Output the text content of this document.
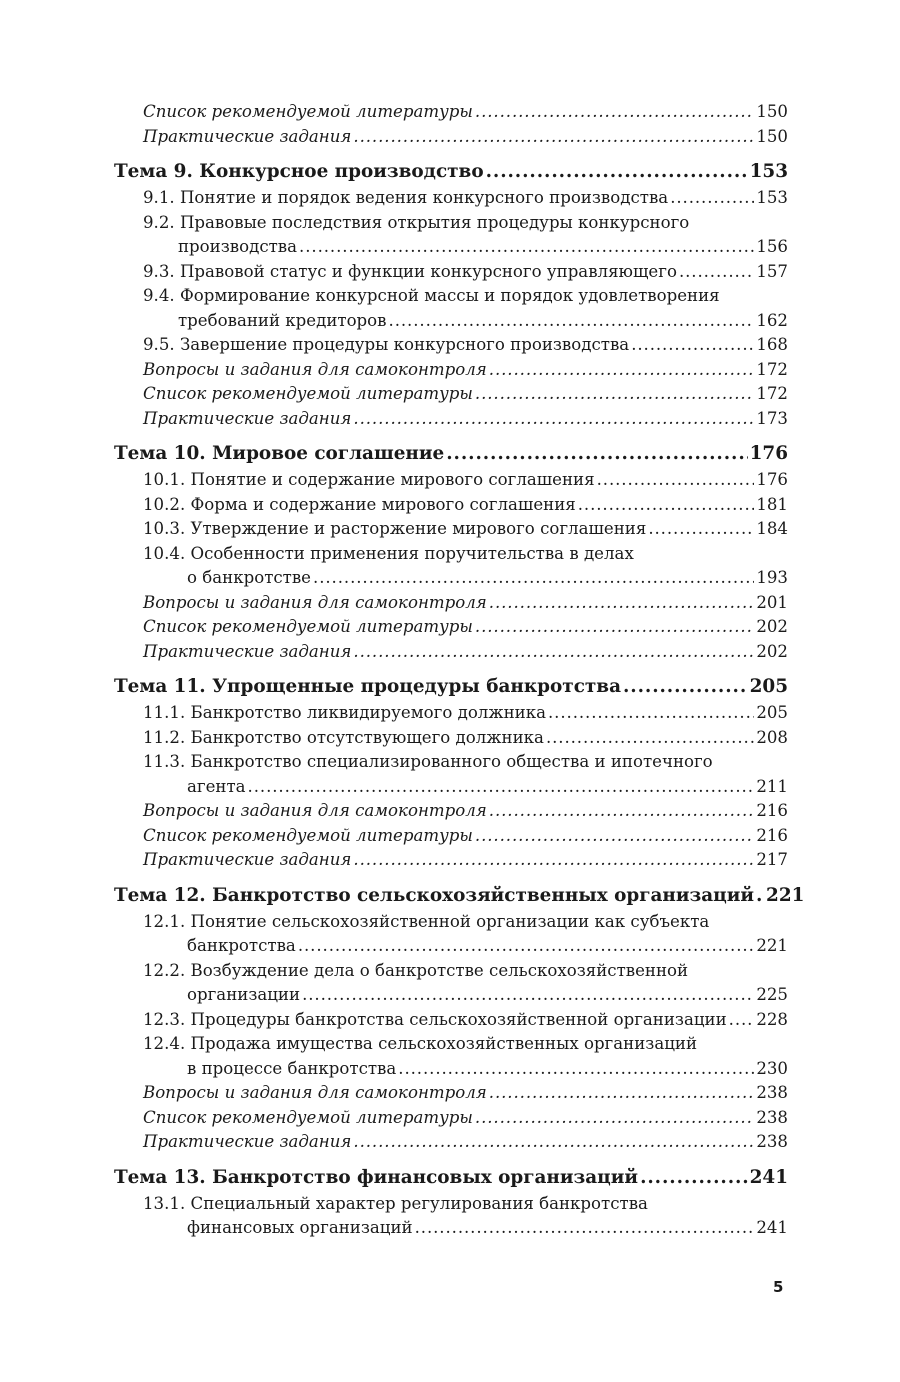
Список рекомендуемой литературы .....	150
Практические задания .....	150
Тема 9. Конкурсное производство .....	153
9.1. Понятие и порядок ведения конкурсного производства .....	153
9.2. Правовые последствия открытия процедуры конкурсного
производства .....	156
9.3. Правовой статус и функции конкурсного управляющего .....	157
9.4. Формирование конкурсной массы и порядок удовлетворения
требований кредиторов .....	162
9.5. Завершение процедуры конкурсного производства .....	168
Вопросы и задания для самоконтроля .....	172
Список рекомендуемой литературы .....	172
Практические задания .....	173
Тема 10. Мировое соглашение .....	176
10.1. Понятие и содержание мирового соглашения .....	176
10.2. Форма и содержание мирового соглашения .....	181
10.3. Утверждение и расторжение мирового соглашения .....	184
10.4. Особенности применения поручительства в делах
о банкротстве .....	193
Вопросы и задания для самоконтроля .....	201
Список рекомендуемой литературы .....	202
Практические задания .....	202
Тема 11. Упрощенные процедуры банкротства .....	205
11.1. Банкротство ликвидируемого должника .....	205
11.2. Банкротство отсутствующего должника .....	208
11.3. Банкротство специализированного общества и ипотечного
агента .....	211
Вопросы и задания для самоконтроля .....	216
Список рекомендуемой литературы .....	216
Практические задания .....	217
Тема 12. Банкротство сельскохозяйственных организаций ..... 221
12.1. Понятие сельскохозяйственной организации как субъекта
банкротства .....	221
12.2. Возбуждение дела о банкротстве сельскохозяйственной
организации .....	225
12.3. Процедуры банкротства сельскохозяйственной организации ..... 228
12.4. Продажа имущества сельскохозяйственных организаций
в процессе банкротства .....	230
Вопросы и задания для самоконтроля .....	238
Список рекомендуемой литературы .....	238
Практические задания .....	238
Тема 13. Банкротство финансовых организаций .....	241
13.1. Специальный характер регулирования банкротства
финансовых организаций .....	241
5
